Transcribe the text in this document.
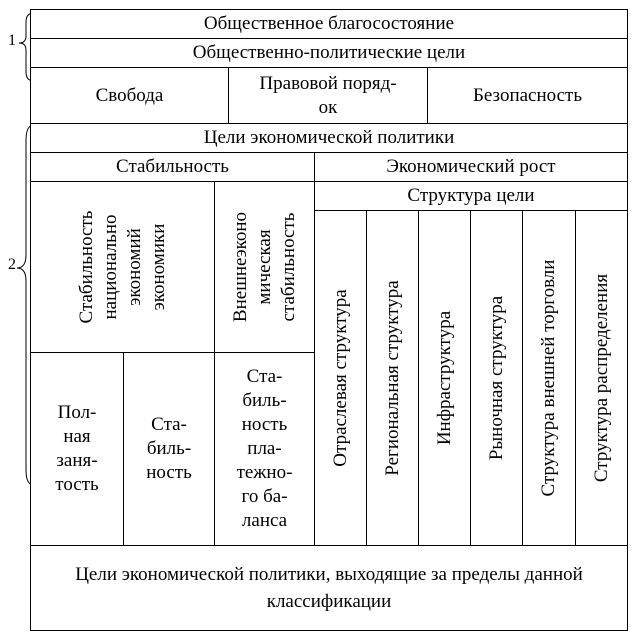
1
2
Общественное благосостояние
Общественно-политические цели
Свобода
Правовой поряд-ок
Безопасность
Цели экономической политики
Стабильность	Экономический рост
Структура цели
Стабильность национально экономий экономики	Внешнеэконо мическая стабильность
Пол-ная заня-тость
Ста-биль-ность
Ста-биль-ность пла-тежно-го ба-ланса
Отраслевая структура Региональная структура Инфраструктура Рыночная структура Структура внешней торговли Структура распределения
Цели экономической политики, выходящие за пределы данной классификации
